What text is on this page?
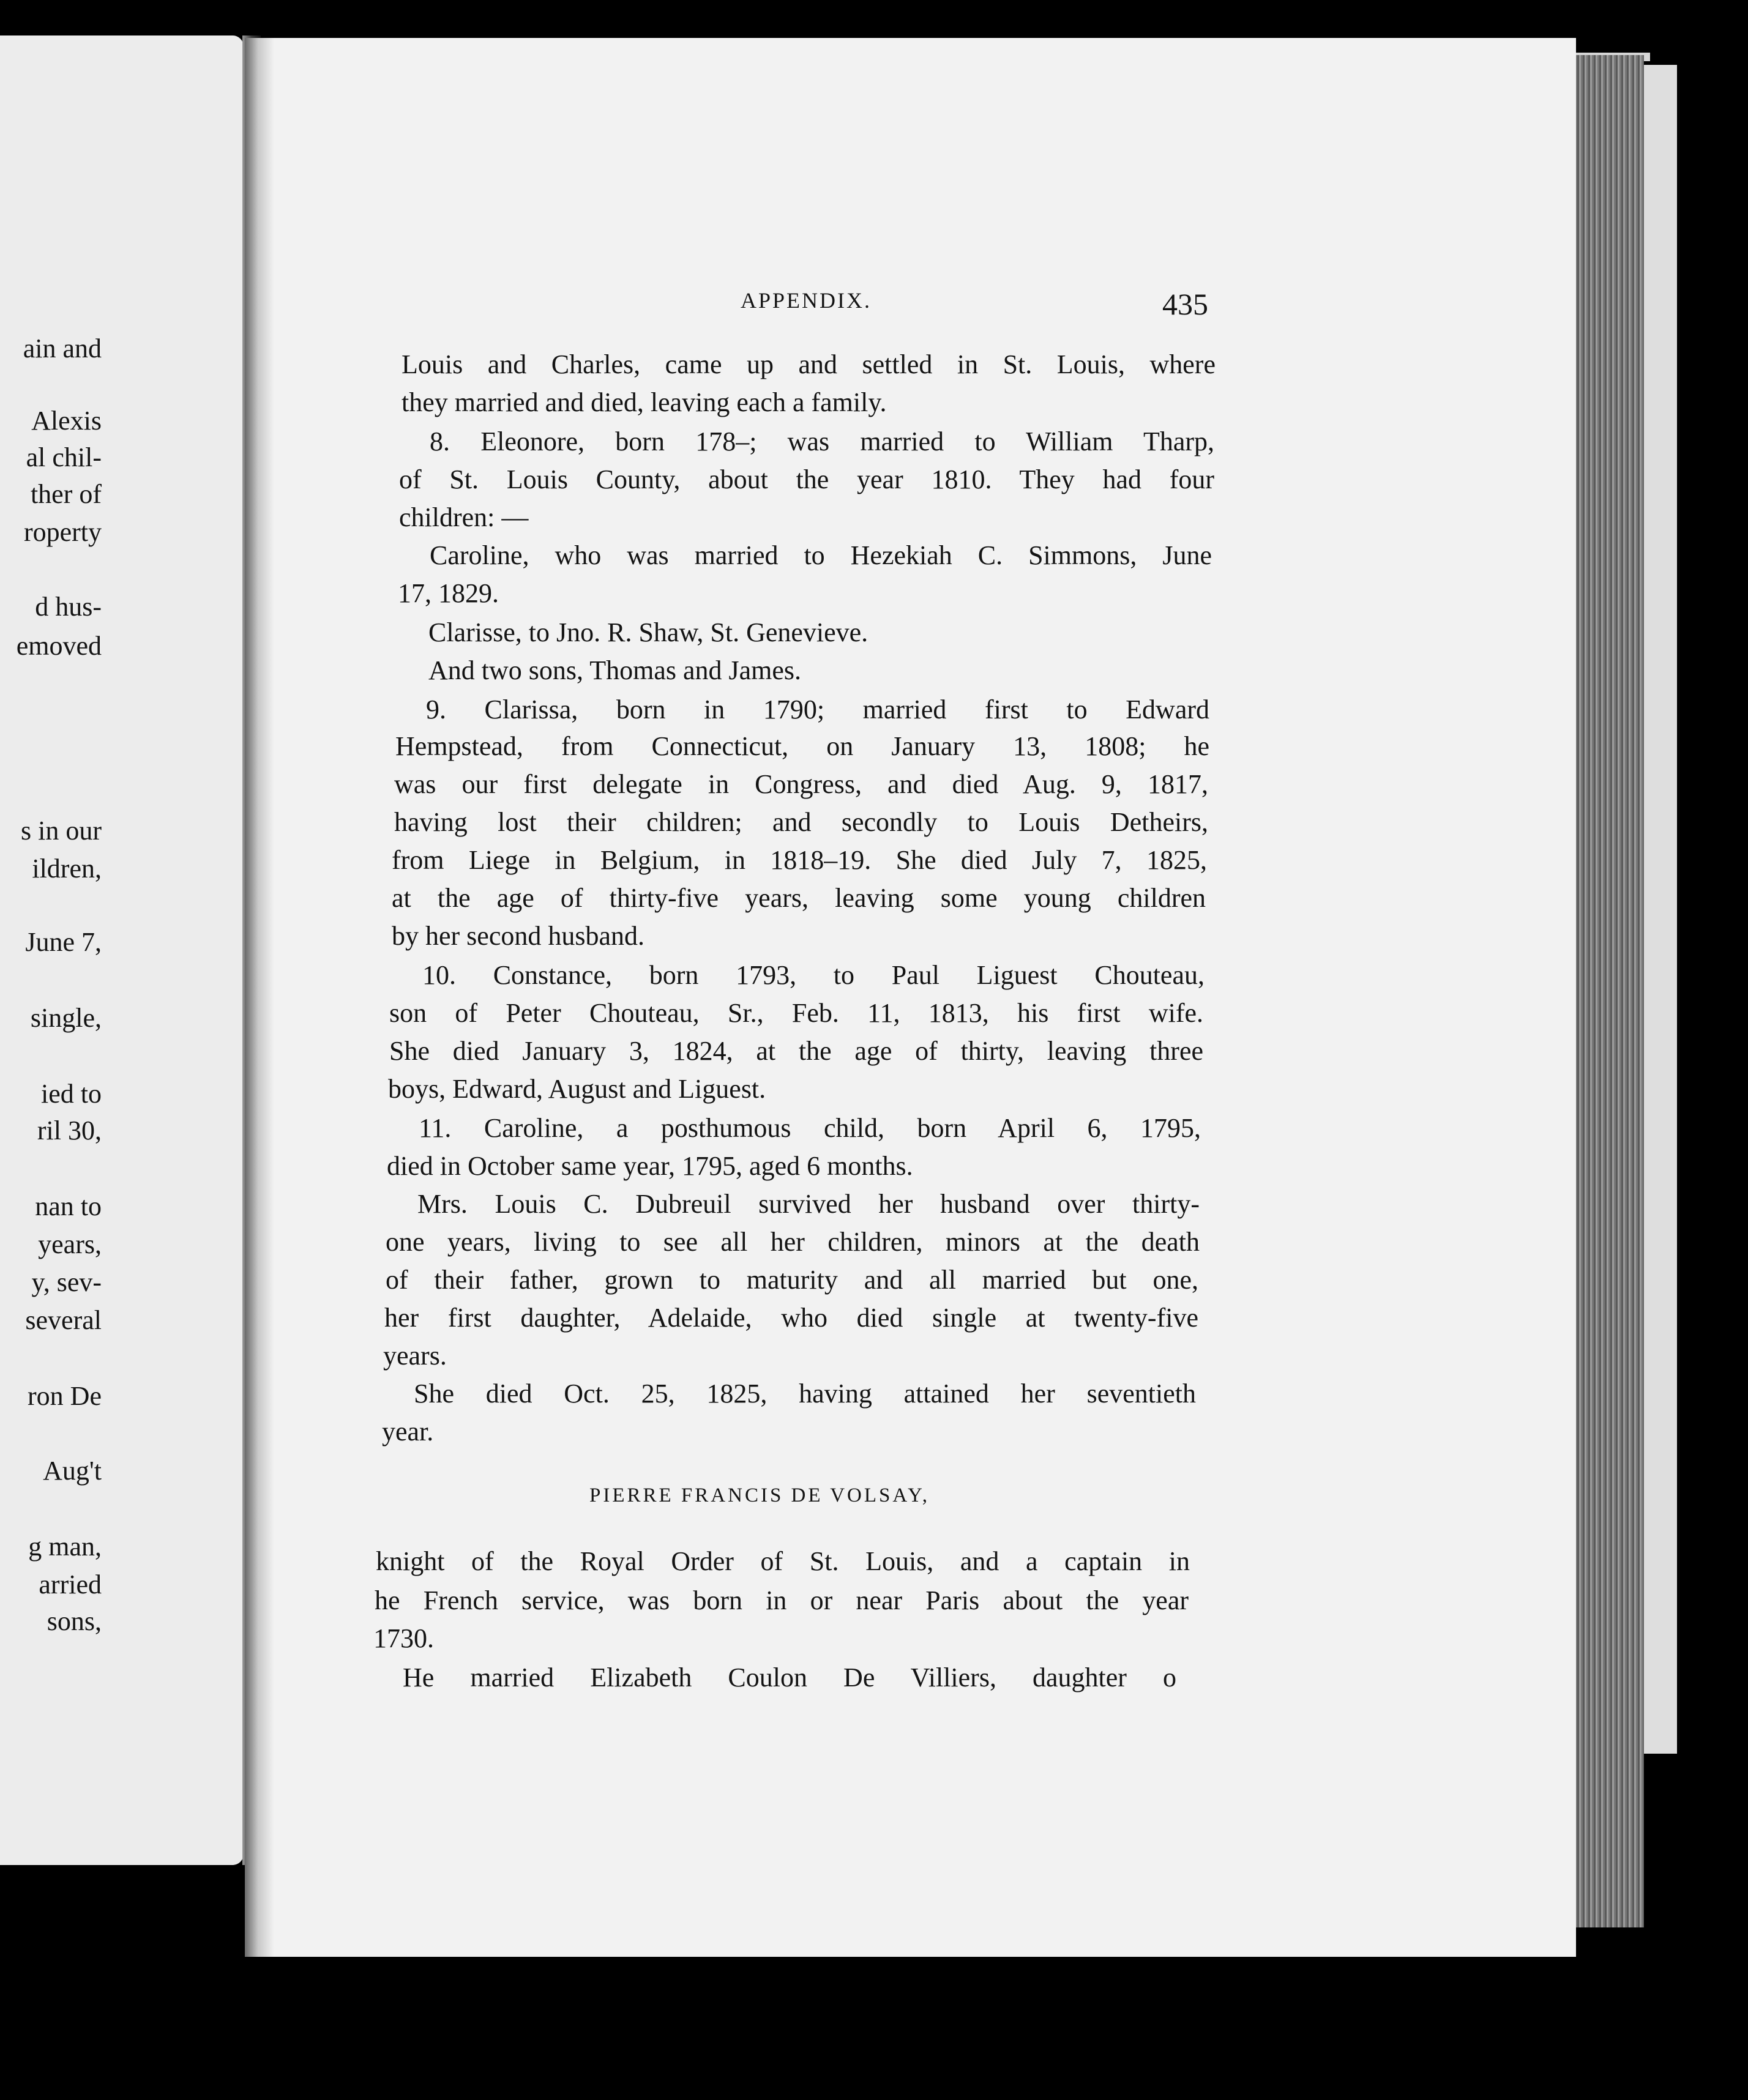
ain and
Alexis
al chil-
ther of
roperty
d hus-
emoved
s in our
ildren,
June 7,
single,
ied to
ril 30,
nan to
years,
y, sev-
several
ron De
Aug't
g man,
arried
sons,
APPENDIX.	435
Louis and Charles, came up and settled in St. Louis, where
they married and died, leaving each a family.
8. Eleonore, born 178–; was married to William Tharp,
of St. Louis County, about the year 1810. They had four
children: —
Caroline, who was married to Hezekiah C. Simmons, June
17, 1829.
Clarisse, to Jno. R. Shaw, St. Genevieve.
And two sons, Thomas and James.
9. Clarissa, born in 1790; married first to Edward
Hempstead, from Connecticut, on January 13, 1808; he
was our first delegate in Congress, and died Aug. 9, 1817,
having lost their children; and secondly to Louis Detheirs,
from Liege in Belgium, in 1818–19. She died July 7, 1825,
at the age of thirty-five years, leaving some young children
by her second husband.
10. Constance, born 1793, to Paul Liguest Chouteau,
son of Peter Chouteau, Sr., Feb. 11, 1813, his first wife.
She died January 3, 1824, at the age of thirty, leaving three
boys, Edward, August and Liguest.
11. Caroline, a posthumous child, born April 6, 1795,
died in October same year, 1795, aged 6 months.
Mrs. Louis C. Dubreuil survived her husband over thirty-
one years, living to see all her children, minors at the death
of their father, grown to maturity and all married but one,
her first daughter, Adelaide, who died single at twenty-five
years.
She died Oct. 25, 1825, having attained her seventieth
year.
PIERRE FRANCIS DE VOLSAY,
knight of the Royal Order of St. Louis, and a captain in
he French service, was born in or near Paris about the year
1730.
He married Elizabeth Coulon De Villiers, daughter o
